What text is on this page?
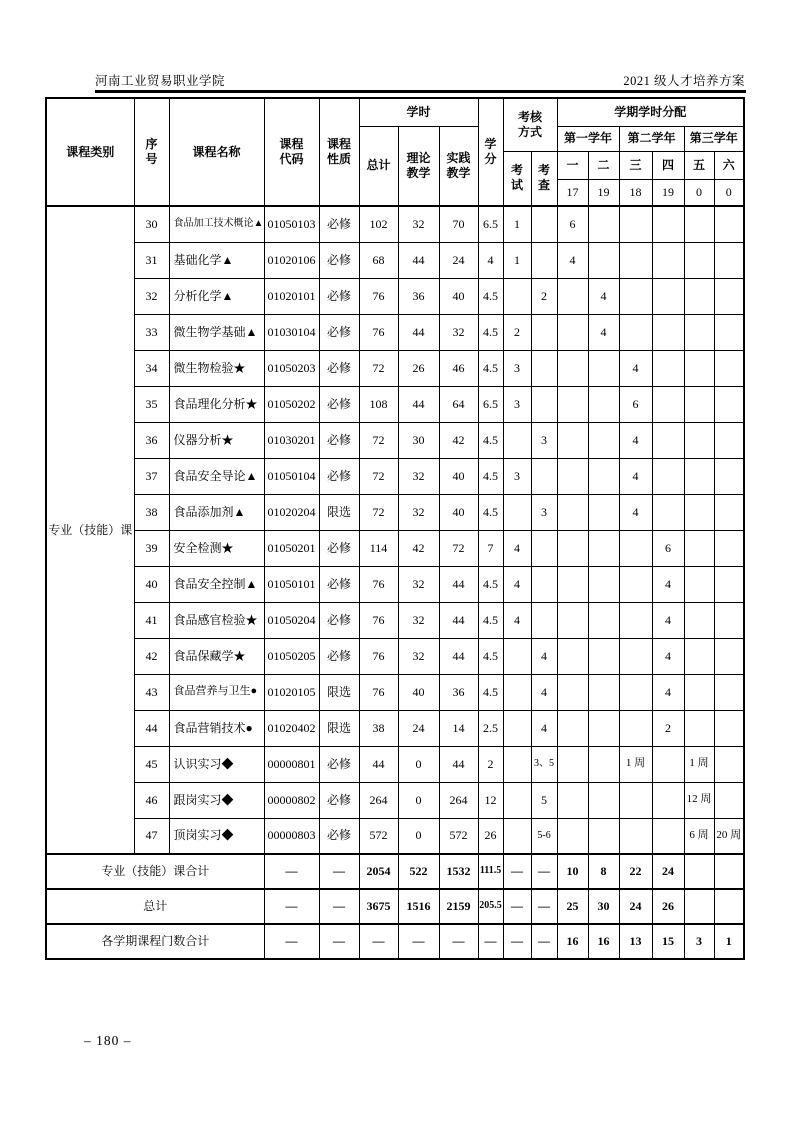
河南工业贸易职业学院	2021 级人才培养方案
课程类别	序号	课程名称	课程代码	课程性质	学时			学分	考核方式		学期学时分配					
					总计	理论教学	实践教学				第一学年		第二学年		第三学年	
									考试	考查	一	二	三	四	五	六
											17	19	18	19	0	0
专业（技能）课	30	食品加工技术概论▲	01050103	必修	102	32	70	6.5	1		6					
	31	基础化学▲	01020106	必修	68	44	24	4	1		4					
	32	分析化学▲	01020101	必修	76	36	40	4.5		2		4				
	33	微生物学基础▲	01030104	必修	76	44	32	4.5	2			4				
	34	微生物检验★	01050203	必修	72	26	46	4.5	3				4			
	35	食品理化分析★	01050202	必修	108	44	64	6.5	3				6			
	36	仪器分析★	01030201	必修	72	30	42	4.5		3			4			
	37	食品安全导论▲	01050104	必修	72	32	40	4.5	3				4			
	38	食品添加剂▲	01020204	限选	72	32	40	4.5		3			4			
	39	安全检测★	01050201	必修	114	42	72	7	4					6		
	40	食品安全控制▲	01050101	必修	76	32	44	4.5	4					4		
	41	食品感官检验★	01050204	必修	76	32	44	4.5	4					4		
	42	食品保藏学★	01050205	必修	76	32	44	4.5		4				4		
	43	食品营养与卫生●	01020105	限选	76	40	36	4.5		4				4		
	44	食品营销技术●	01020402	限选	38	24	14	2.5		4				2		
	45	认识实习◆	00000801	必修	44	0	44	2		3、5			1 周		1 周	
	46	跟岗实习◆	00000802	必修	264	0	264	12		5					12 周	
	47	顶岗实习◆	00000803	必修	572	0	572	26		5-6					6 周	20 周
专业（技能）课合计			—	—	2054	522	1532	111.5	—	—	10	8	22	24		
总计			—	—	3675	1516	2159	205.5	—	—	25	30	24	26		
各学期课程门数合计			—	—	—	—	—	—	—	—	16	16	13	15	3	1
– 180 –
